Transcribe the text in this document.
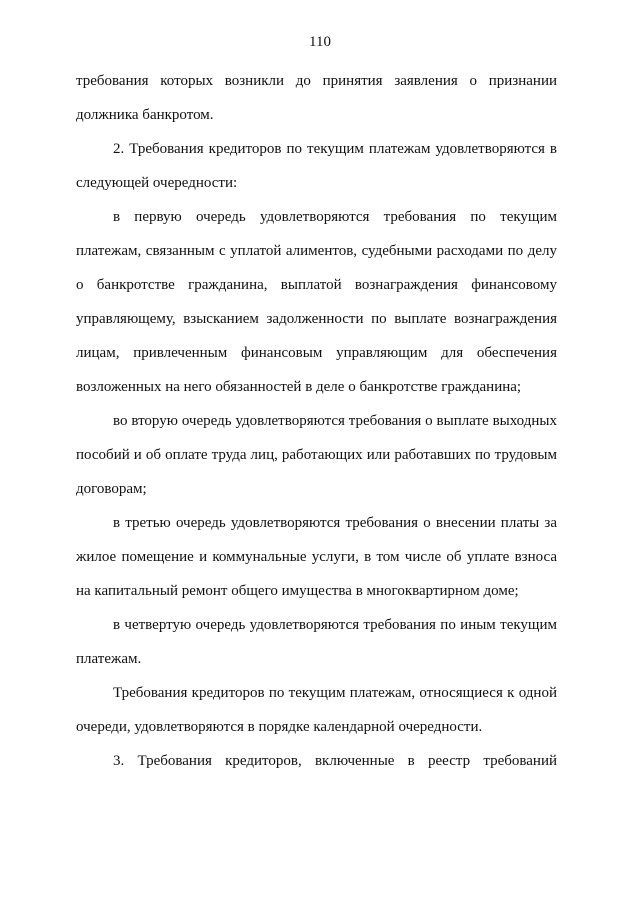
110

требования которых возникли до принятия заявления о признании должника банкротом.

2. Требования кредиторов по текущим платежам удовлетворяются в следующей очередности:

в первую очередь удовлетворяются требования по текущим платежам, связанным с уплатой алиментов, судебными расходами по делу о банкротстве гражданина, выплатой вознаграждения финансовому управляющему, взысканием задолженности по выплате вознаграждения лицам, привлеченным финансовым управляющим для обеспечения возложенных на него обязанностей в деле о банкротстве гражданина;

во вторую очередь удовлетворяются требования о выплате выходных пособий и об оплате труда лиц, работающих или работавших по трудовым договорам;

в третью очередь удовлетворяются требования о внесении платы за жилое помещение и коммунальные услуги, в том числе об уплате взноса на капитальный ремонт общего имущества в многоквартирном доме;

в четвертую очередь удовлетворяются требования по иным текущим платежам.

Требования кредиторов по текущим платежам, относящиеся к одной очереди, удовлетворяются в порядке календарной очередности.

3. Требования кредиторов, включенные в реестр требований
